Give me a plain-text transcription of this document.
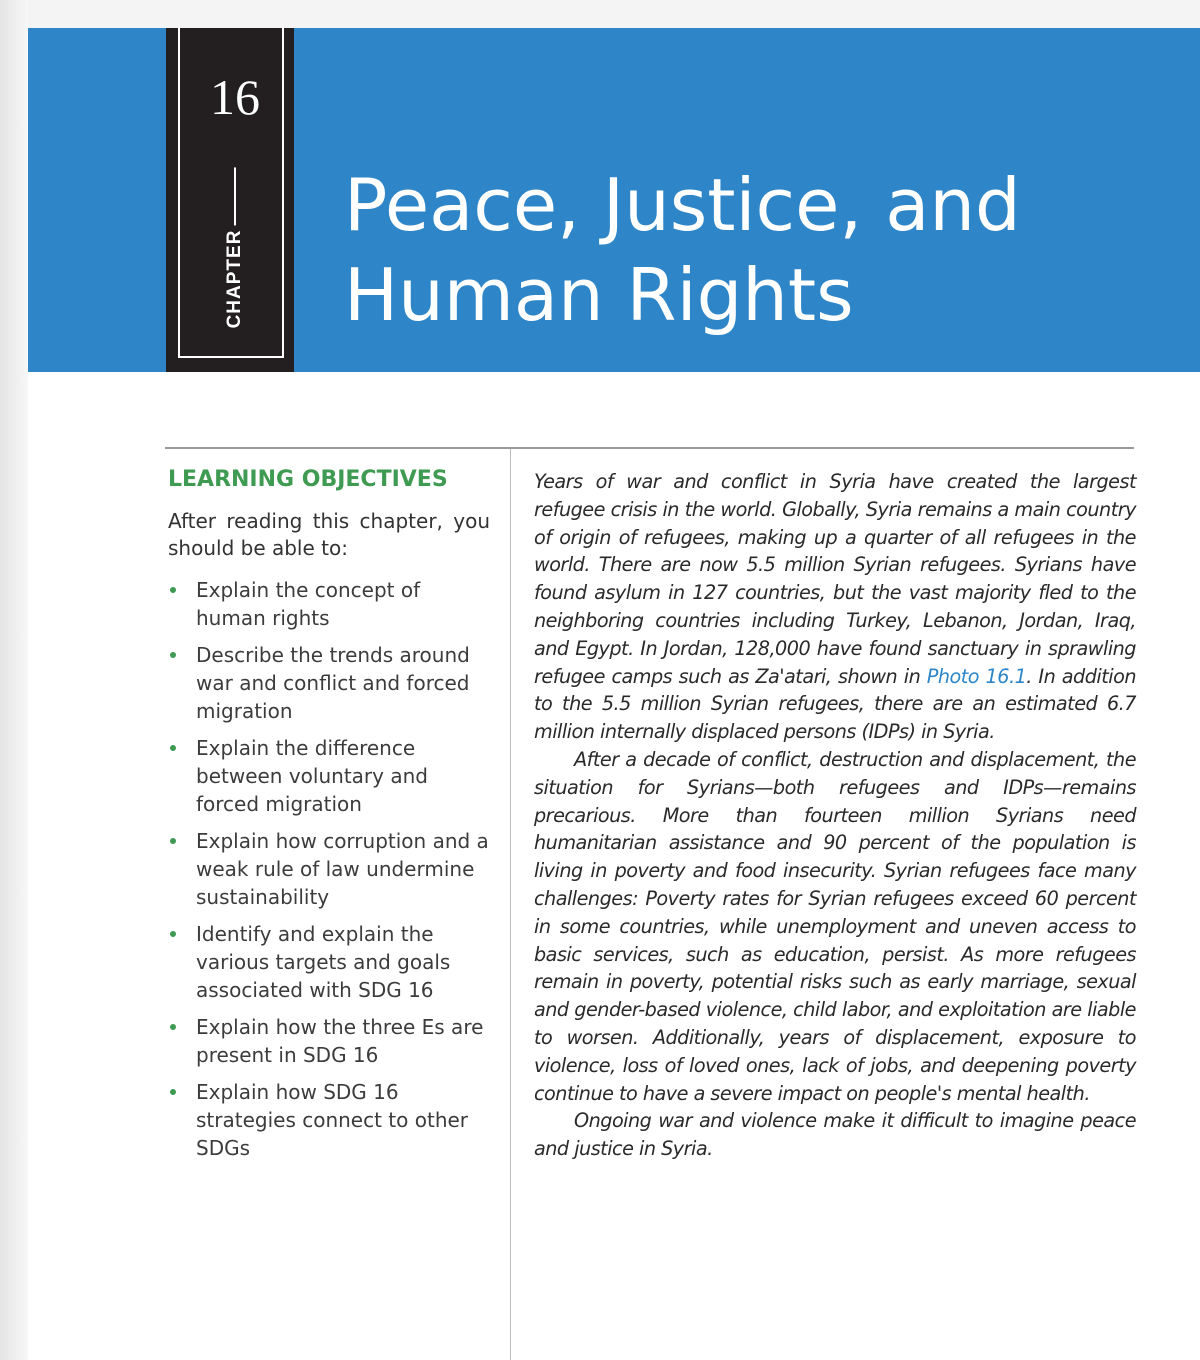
16
CHAPTER
Peace, Justice, and
Human Rights
LEARNING OBJECTIVES

After reading this chapter, you should be able to:

Explain the concept of human rights
Describe the trends around war and conflict and forced migration
Explain the difference between voluntary and forced migration
Explain how corruption and a weak rule of law undermine sustainability
Identify and explain the various targets and goals associated with SDG 16
Explain how the three Es are present in SDG 16
Explain how SDG 16 strategies connect to other SDGs

Years of war and conflict in Syria have created the largest refugee crisis in the world. Globally, Syria remains a main country of origin of refugees, making up a quarter of all refugees in the world. There are now 5.5 million Syrian refugees. Syrians have found asylum in 127 countries, but the vast majority fled to the neighboring countries including Turkey, Lebanon, Jordan, Iraq, and Egypt. In Jordan, 128,000 have found sanctuary in sprawling refugee camps such as Za'atari, shown in Photo 16.1. In addition to the 5.5 million Syrian refugees, there are an estimated 6.7 million internally displaced persons (IDPs) in Syria.

After a decade of conflict, destruction and displacement, the situation for Syrians—both refugees and IDPs—remains precarious. More than fourteen million Syrians need humanitarian assistance and 90 percent of the population is living in poverty and food insecurity. Syrian refugees face many challenges: Poverty rates for Syrian refugees exceed 60 percent in some countries, while unemployment and uneven access to basic services, such as education, persist. As more refugees remain in poverty, potential risks such as early marriage, sexual and gender-based violence, child labor, and exploitation are liable to worsen. Additionally, years of displacement, exposure to violence, loss of loved ones, lack of jobs, and deepening poverty continue to have a severe impact on people's mental health.

Ongoing war and violence make it difficult to imagine peace and justice in Syria.
